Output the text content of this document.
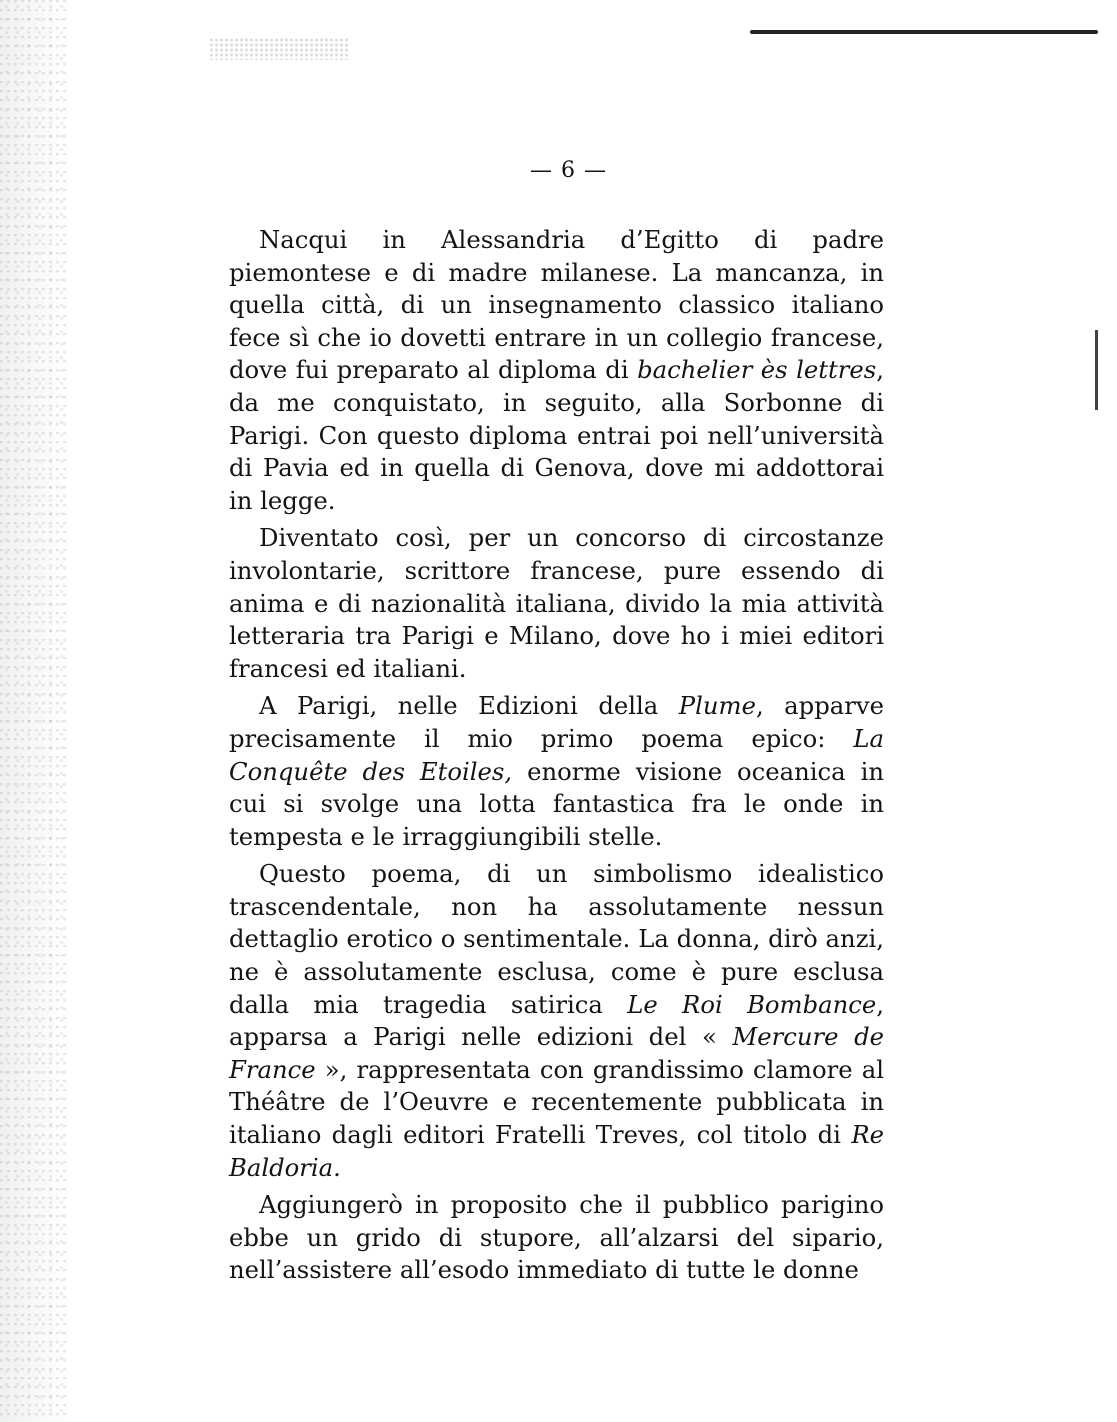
— 6 —

Nacqui in Alessandria d’Egitto di padre piemontese e di madre milanese. La mancanza, in quella città, di un insegnamento classico italiano fece sì che io dovetti entrare in un collegio francese, dove fui preparato al diploma di bachelier ès lettres, da me conquistato, in seguito, alla Sorbonne di Parigi. Con questo diploma entrai poi nell’università di Pavia ed in quella di Genova, dove mi addottorai in legge.

Diventato così, per un concorso di circostanze involontarie, scrittore francese, pure essendo di anima e di nazionalità italiana, divido la mia attività letteraria tra Parigi e Milano, dove ho i miei editori francesi ed italiani.

A Parigi, nelle Edizioni della Plume, apparve precisamente il mio primo poema epico: La Conquête des Etoiles, enorme visione oceanica in cui si svolge una lotta fantastica fra le onde in tempesta e le irraggiungibili stelle.

Questo poema, di un simbolismo idealistico trascendentale, non ha assolutamente nessun dettaglio erotico o sentimentale. La donna, dirò anzi, ne è assolutamente esclusa, come è pure esclusa dalla mia tragedia satirica Le Roi Bombance, apparsa a Parigi nelle edizioni del « Mercure de France », rappresentata con grandissimo clamore al Théâtre de l’Oeuvre e recentemente pubblicata in italiano dagli editori Fratelli Treves, col titolo di Re Baldoria.

Aggiungerò in proposito che il pubblico parigino ebbe un grido di stupore, all’alzarsi del sipario, nell’assistere all’esodo immediato di tutte le donne
